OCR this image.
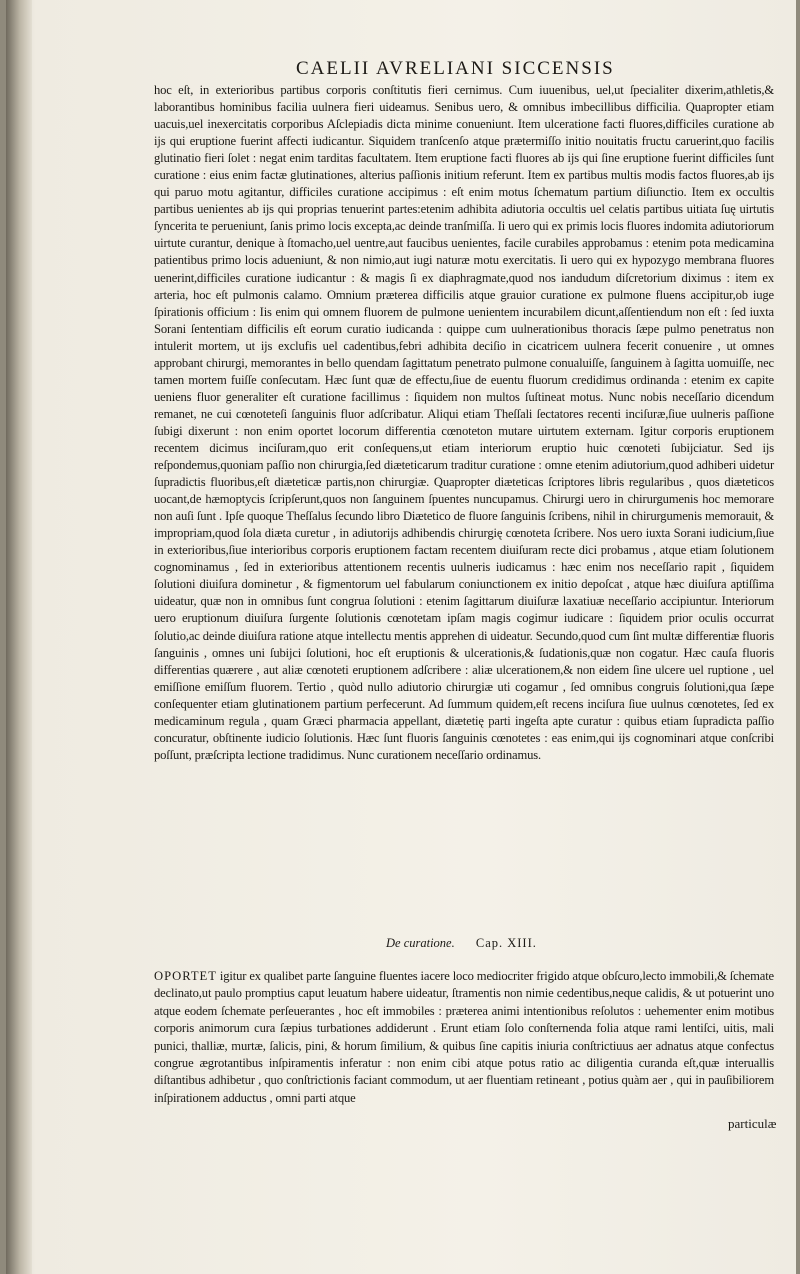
CAELII AVRELIANI SICCENSIS

hoc eſt, in exterioribus partibus corporis conſtitutis fieri cernimus. Cum iuuenibus, uel,ut ſpecialiter dixerim,athletis,& laborantibus hominibus facilia uulnera fieri uideamus. Senibus uero, & omnibus imbecillibus difficilia. Quapropter etiam uacuis,uel inexercitatis corporibus Aſclepiadis dicta minime conueniunt. Item ulceratione facti fluores,difficiles curatione ab ijs qui eruptione fuerint affecti iudicantur. Siquidem tranſcenſo atque prætermiſſo initio nouitatis fructu caruerint,quo facilis glutinatio fieri ſolet : negat enim tarditas facultatem. Item eruptione facti fluores ab ijs qui ſine eruptione fuerint difficiles ſunt curatione : eius enim factæ glutinationes, alterius paſſionis initium referunt. Item ex partibus multis modis factos fluores,ab ijs qui paruo motu agitantur, difficiles curatione accipimus : eſt enim motus ſchematum partium diſiunctio. Item ex occultis partibus uenientes ab ijs qui proprias tenuerint partes:etenim adhibita adiutoria occultis uel celatis partibus uitiata ſuę uirtutis ſyncerita te perueniunt, ſanis primo locis excepta,ac deinde tranſmiſſa. Ii uero qui ex primis locis fluores indomita adiutoriorum uirtute curantur, denique à ſtomacho,uel uentre,aut faucibus uenientes, facile curabiles approbamus : etenim pota medicamina patientibus primo locis adueniunt, & non nimio,aut iugi naturæ motu exercitatis. Ii uero qui ex hypozygo membrana fluores uenerint,difficiles curatione iudicantur : & magis ſi ex diaphragmate,quod nos iandudum diſcretorium diximus : item ex arteria, hoc eſt pulmonis calamo. Omnium præterea difficilis atque grauior curatione ex pulmone fluens accipitur,ob iuge ſpirationis officium : Iis enim qui omnem fluorem de pulmone uenientem incurabilem dicunt,aſſentiendum non eſt : ſed iuxta Sorani ſententiam difficilis eſt eorum curatio iudicanda : quippe cum uulnerationibus thoracis ſæpe pulmo penetratus non intulerit mortem, ut ijs exclufis uel cadentibus,febri adhibita deciſio in cicatricem uulnera fecerit conuenire , ut omnes approbant chirurgi, memorantes in bello quendam ſagittatum penetrato pulmone conualuiſſe, ſanguinem à ſagitta uomuiſſe, nec tamen mortem fuiſſe conſecutam. Hæc ſunt quæ de effectu,ſiue de euentu fluorum credidimus ordinanda : etenim ex capite ueniens fluor generaliter eſt curatione facillimus : ſiquidem non multos ſuſtineat motus. Nunc nobis neceſſario dicendum remanet, ne cui cœnoteteſi ſanguinis fluor adſcribatur. Aliqui etiam Theſſali ſectatores recenti inciſuræ,ſiue uulneris paſſione ſubigi dixerunt : non enim oportet locorum differentia cœnoteton mutare uirtutem externam. Igitur corporis eruptionem recentem dicimus inciſuram,quo erit conſequens,ut etiam interiorum eruptio huic cœnoteti ſubijciatur. Sed ijs reſpondemus,quoniam paſſio non chirurgia,ſed diæteticarum traditur curatione : omne etenim adiutorium,quod adhiberi uidetur ſupradictis fluoribus,eſt diæteticæ partis,non chirurgiæ. Quapropter diæteticas ſcriptores libris regularibus , quos diæteticos uocant,de hæmoptycis ſcripſerunt,quos non ſanguinem ſpuentes nuncupamus. Chirurgi uero in chirurgumenis hoc memorare non auſi ſunt . Ipſe quoque Theſſalus ſecundo libro Diætetico de fluore ſanguinis ſcribens, nihil in chirurgumenis memorauit, & impropriam,quod ſola diæta curetur , in adiutorijs adhibendis chirurgię cœnoteta ſcribere. Nos uero iuxta Sorani iudicium,ſiue in exterioribus,ſiue interioribus corporis eruptionem factam recentem diuiſuram recte dici probamus , atque etiam ſolutionem cognominamus , ſed in exterioribus attentionem recentis uulneris iudicamus : hæc enim nos neceſſario rapit , ſiquidem ſolutioni diuiſura dominetur , & figmentorum uel fabularum coniunctionem ex initio depoſcat , atque hæc diuiſura aptiſſima uideatur, quæ non in omnibus ſunt congrua ſolutioni : etenim ſagittarum diuiſuræ laxatiuæ neceſſario accipiuntur. Interiorum uero eruptionum diuiſura ſurgente ſolutionis cœnotetam ipſam magis cogimur iudicare : ſiquidem prior oculis occurrat ſolutio,ac deinde diuiſura ratione atque intellectu mentis apprehen di uideatur. Secundo,quod cum ſint multæ differentiæ fluoris ſanguinis , omnes uni ſubijci ſolutioni, hoc eſt eruptionis & ulcerationis,& ſudationis,quæ non cogatur. Hæc cauſa fluoris differentias quærere , aut aliæ cœnoteti eruptionem adſcribere : aliæ ulcerationem,& non eidem ſine ulcere uel ruptione , uel emiſſione emiſſum fluorem. Tertio , quòd nullo adiutorio chirurgiæ uti cogamur , ſed omnibus congruis ſolutioni,qua ſæpe conſequenter etiam glutinationem partium perfecerunt. Ad ſummum quidem,eſt recens inciſura ſiue uulnus cœnotetes, ſed ex medicaminum regula , quam Græci pharmacia appellant, diætetię parti ingeſta apte curatur : quibus etiam ſupradicta paſſio concuratur, obſtinente iudicio ſolutionis. Hæc ſunt fluoris ſanguinis cœnotetes : eas enim,qui ijs cognominari atque conſcribi poſſunt, præſcripta lectione tradidimus. Nunc curationem neceſſario ordinamus.

De curatione. Cap. XIII.
OPORTET igitur ex qualibet parte ſanguine fluentes iacere loco mediocriter frigido atque obſcuro,lecto immobili,& ſchemate declinato,ut paulo promptius caput leuatum habere uideatur, ſtramentis non nimie cedentibus,neque calidis, & ut potuerint uno atque eodem ſchemate perſeuerantes , hoc eſt immobiles : præterea animi intentionibus reſolutos : uehementer enim motibus corporis animorum cura ſæpius turbationes addiderunt . Erunt etiam ſolo conſternenda folia atque rami lentiſci, uitis, mali punici, thalliæ, murtæ, ſalicis, pini, & horum ſimilium, & quibus ſine capitis iniuria conſtrictiuus aer adnatus atque confectus congrue ægrotantibus inſpiramentis inferatur : non enim cibi atque potus ratio ac diligentia curanda eſt,quæ interuallis diſtantibus adhibetur , quo conſtrictionis faciant commodum, ut aer fluentiam retineant , potius quàm aer , qui in pauſibiliorem inſpirationem adductus , omni parti atque
particulæ
